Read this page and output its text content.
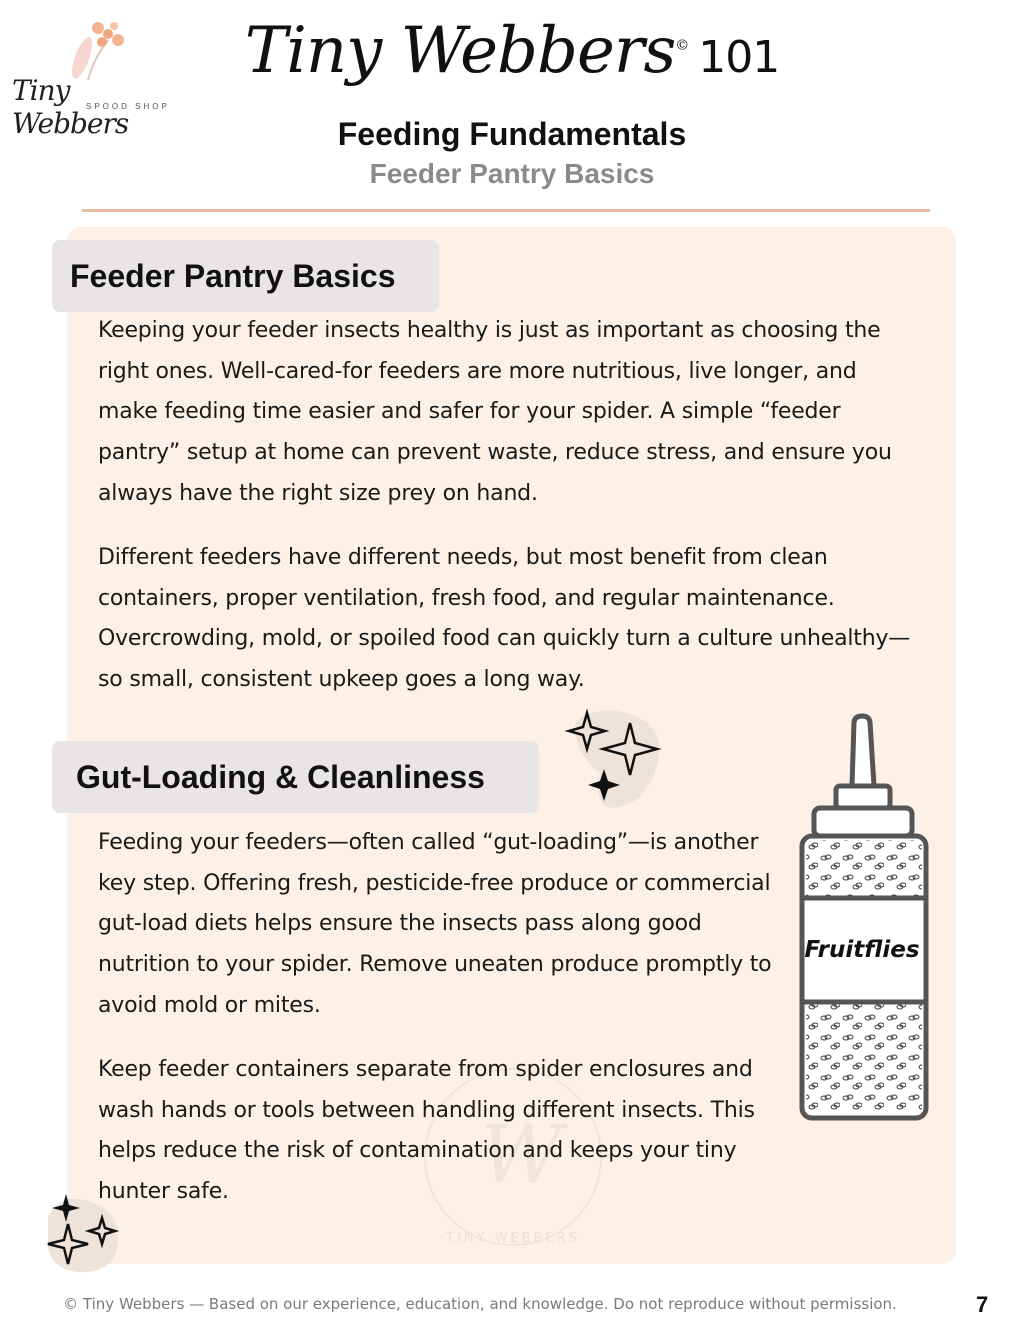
Tiny Webbers
SPOOD SHOP
Tiny Webbers© 101
Feeding Fundamentals
Feeder Pantry Basics
W
TINY WEBBERS
Feeder Pantry Basics
Keeping your feeder insects healthy is just as important as choosing the right ones. Well-cared-for feeders are more nutritious, live longer, and make feeding time easier and safer for your spider. A simple “feeder pantry” setup at home can prevent waste, reduce stress, and ensure you always have the right size prey on hand.
Different feeders have different needs, but most benefit from clean containers, proper ventilation, fresh food, and regular maintenance. Overcrowding, mold, or spoiled food can quickly turn a culture unhealthy—so small, consistent upkeep goes a long way.
Gut-Loading & Cleanliness
Feeding your feeders—often called “gut-loading”—is another key step. Offering fresh, pesticide-free produce or commercial gut-load diets helps ensure the insects pass along good nutrition to your spider. Remove uneaten produce promptly to avoid mold or mites.
Keep feeder containers separate from spider enclosures and wash hands or tools between handling different insects. This helps reduce the risk of contamination and keeps your tiny hunter safe.
Fruitflies
© Tiny Webbers — Based on our experience, education, and knowledge. Do not reproduce without permission.	7
